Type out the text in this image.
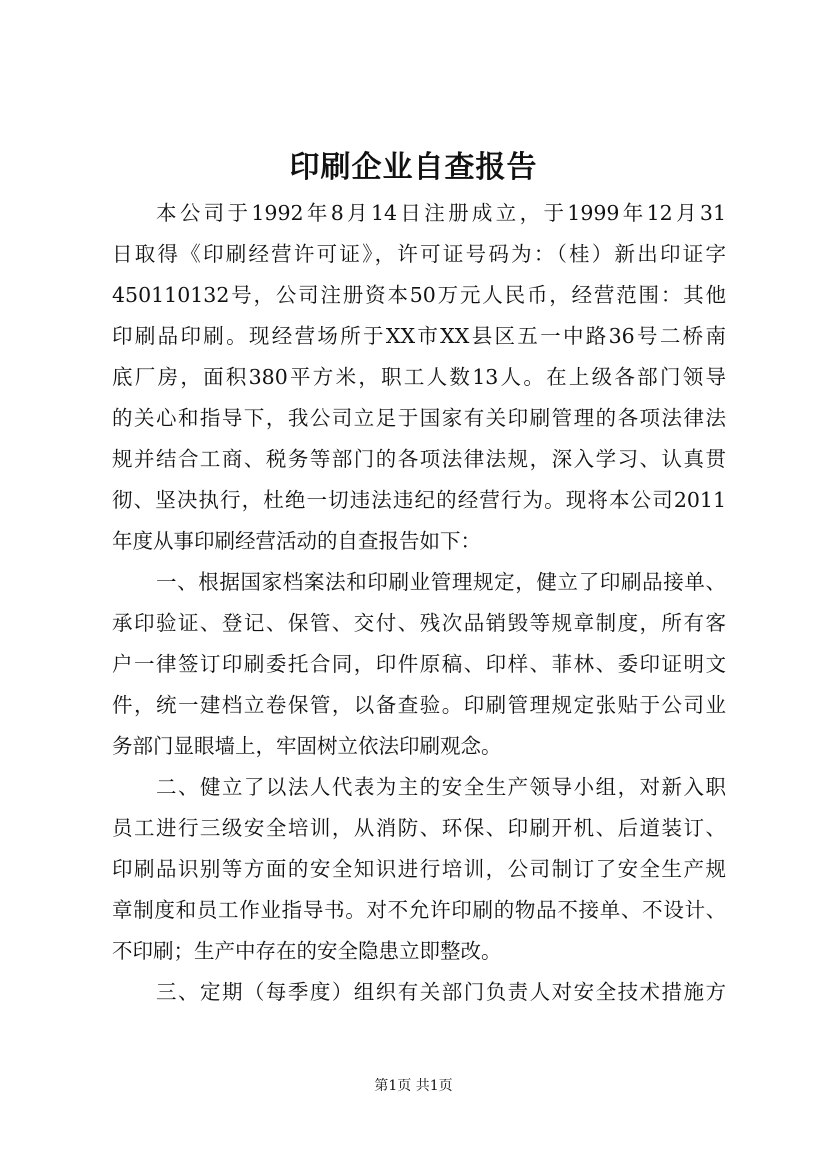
印刷企业自查报告
本公司于1992年8月14日注册成立，于1999年12月31
日取得《印刷经营许可证》，许可证号码为：（桂）新出印证字
450110132号，公司注册资本50万元人民币，经营范围：其他
印刷品印刷。现经营场所于XX市XX县区五一中路36号二桥南
底厂房，面积380平方米，职工人数13人。在上级各部门领导
的关心和指导下，我公司立足于国家有关印刷管理的各项法律法
规并结合工商、税务等部门的各项法律法规，深入学习、认真贯
彻、坚决执行，杜绝一切违法违纪的经营行为。现将本公司2011
年度从事印刷经营活动的自查报告如下：
一、根据国家档案法和印刷业管理规定，健立了印刷品接单、
承印验证、登记、保管、交付、残次品销毁等规章制度，所有客
户一律签订印刷委托合同，印件原稿、印样、菲林、委印证明文
件，统一建档立卷保管，以备查验。印刷管理规定张贴于公司业
务部门显眼墙上，牢固树立依法印刷观念。
二、健立了以法人代表为主的安全生产领导小组，对新入职
员工进行三级安全培训，从消防、环保、印刷开机、后道装订、
印刷品识别等方面的安全知识进行培训，公司制订了安全生产规
章制度和员工作业指导书。对不允许印刷的物品不接单、不设计、
不印刷；生产中存在的安全隐患立即整改。
三、定期（每季度）组织有关部门负责人对安全技术措施方
第1页 共1页
